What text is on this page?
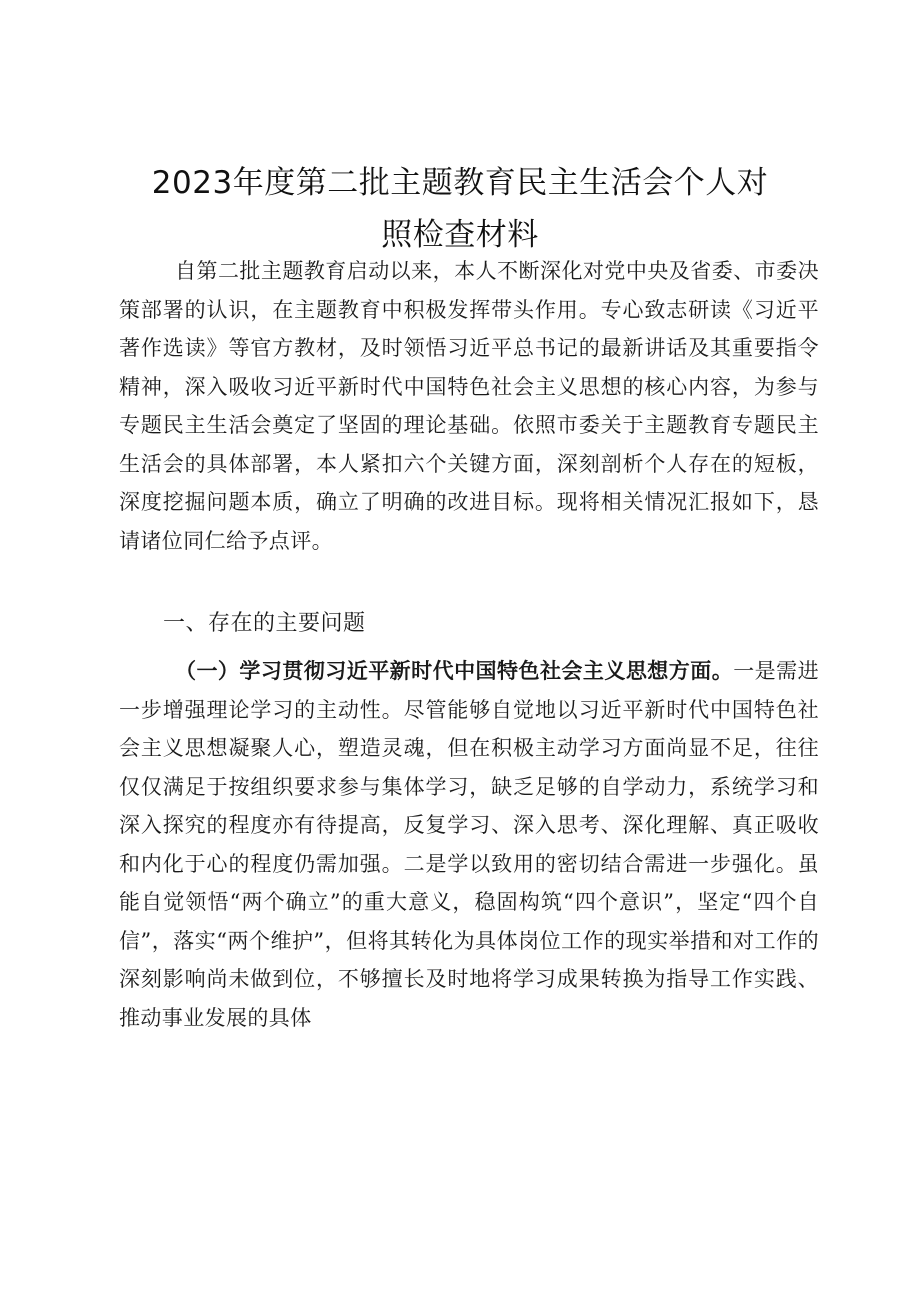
2023年度第二批主题教育民主生活会个人对
照检查材料

自第二批主题教育启动以来，本人不断深化对党中央及省委、市委决策部署的认识，在主题教育中积极发挥带头作用。专心致志研读《习近平著作选读》等官方教材，及时领悟习近平总书记的最新讲话及其重要指令精神，深入吸收习近平新时代中国特色社会主义思想的核心内容，为参与专题民主生活会奠定了坚固的理论基础。依照市委关于主题教育专题民主生活会的具体部署，本人紧扣六个关键方面，深刻剖析个人存在的短板，深度挖掘问题本质，确立了明确的改进目标。现将相关情况汇报如下，恳请诸位同仁给予点评。

一、存在的主要问题

（一）学习贯彻习近平新时代中国特色社会主义思想方面。一是需进一步增强理论学习的主动性。尽管能够自觉地以习近平新时代中国特色社会主义思想凝聚人心，塑造灵魂，但在积极主动学习方面尚显不足，往往仅仅满足于按组织要求参与集体学习，缺乏足够的自学动力，系统学习和深入探究的程度亦有待提高，反复学习、深入思考、深化理解、真正吸收和内化于心的程度仍需加强。二是学以致用的密切结合需进一步强化。虽能自觉领悟“两个确立”的重大意义，稳固构筑“四个意识”，坚定“四个自信”，落实“两个维护”，但将其转化为具体岗位工作的现实举措和对工作的深刻影响尚未做到位，不够擅长及时地将学习成果转换为指导工作实践、推动事业发展的具体
